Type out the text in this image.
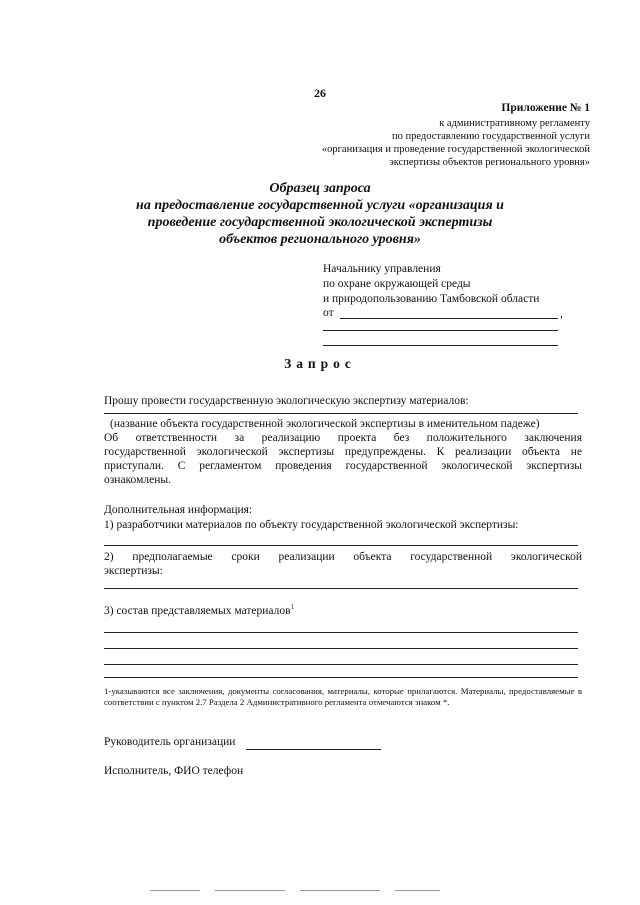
26
Приложение № 1
к административному регламенту
по предоставлению государственной услуги
«организация и проведение государственной экологической
экспертизы объектов регионального уровня»
Образец запроса
на предоставление государственной услуги «организация и
проведение государственной экологической экспертизы
объектов регионального уровня»
Начальнику управления
по охране окружающей среды
и природопользованию Тамбовской области
от	,
Запрос
Прошу провести государственную экологическую экспертизу материалов:
(название объекта государственной экологической экспертизы в именительном падеже)
Об ответственности за реализацию проекта без положительного заключения
государственной экологической экспертизы предупреждены. К реализации объекта не
приступали. С регламентом проведения государственной экологической экспертизы
ознакомлены.
Дополнительная информация:
1) разработчики материалов по объекту государственной экологической экспертизы:
2) предполагаемые сроки реализации объекта государственной экологической
экспертизы:
3) состав представляемых материалов$^1$
1-указываются все заключения, документы согласования, материалы, которые прилагаются. Материалы, предоставляемые в соответствии с пунктом 2.7 Раздела 2 Административного регламента отмечаются знаком *.
Руководитель организации
Исполнитель, ФИО телефон
